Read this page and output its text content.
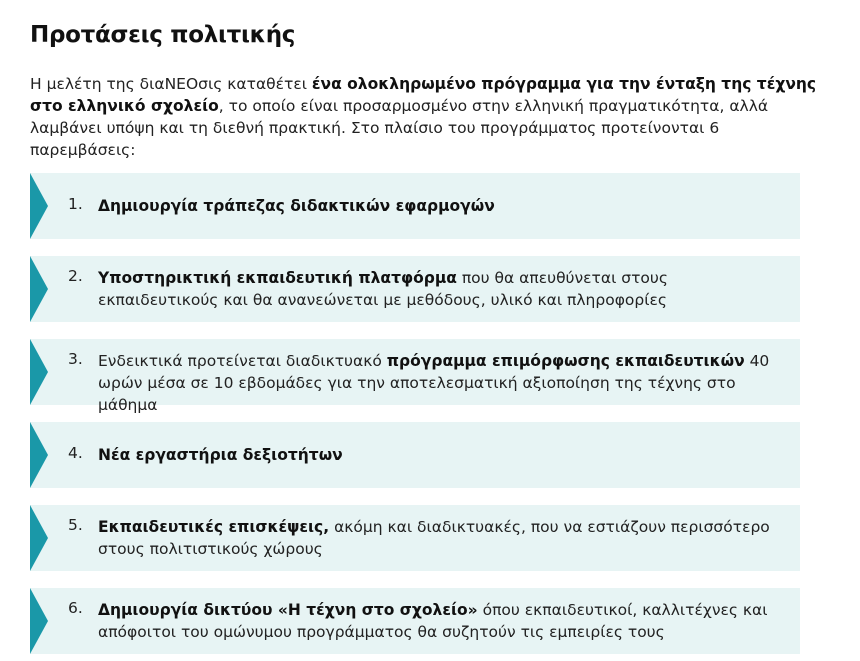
Προτάσεις πολιτικής

Η μελέτη της διαΝΕΟσις καταθέτει ένα ολοκληρωμένο πρόγραμμα για την ένταξη της τέχνης στο ελληνικό σχολείο, το οποίο είναι προσαρμοσμένο στην ελληνική πραγματικότητα, αλλά λαμβάνει υπόψη και τη διεθνή πρακτική. Στο πλαίσιο του προγράμματος προτείνονται 6 παρεμβάσεις:

1. Δημιουργία τράπεζας διδακτικών εφαρμογών
2. Υποστηρικτική εκπαιδευτική πλατφόρμα που θα απευθύνεται στους εκπαιδευτικούς και θα ανανεώνεται με μεθόδους, υλικό και πληροφορίες
3. Ενδεικτικά προτείνεται διαδικτυακό πρόγραμμα επιμόρφωσης εκπαιδευτικών 40 ωρών μέσα σε 10 εβδομάδες για την αποτελεσματική αξιοποίηση της τέχνης στο μάθημα
4. Νέα εργαστήρια δεξιοτήτων
5. Εκπαιδευτικές επισκέψεις, ακόμη και διαδικτυακές, που να εστιάζουν περισσότερο στους πολιτιστικούς χώρους
6. Δημιουργία δικτύου «Η τέχνη στο σχολείο» όπου εκπαιδευτικοί, καλλιτέχνες και απόφοιτοι του ομώνυμου προγράμματος θα συζητούν τις εμπειρίες τους
